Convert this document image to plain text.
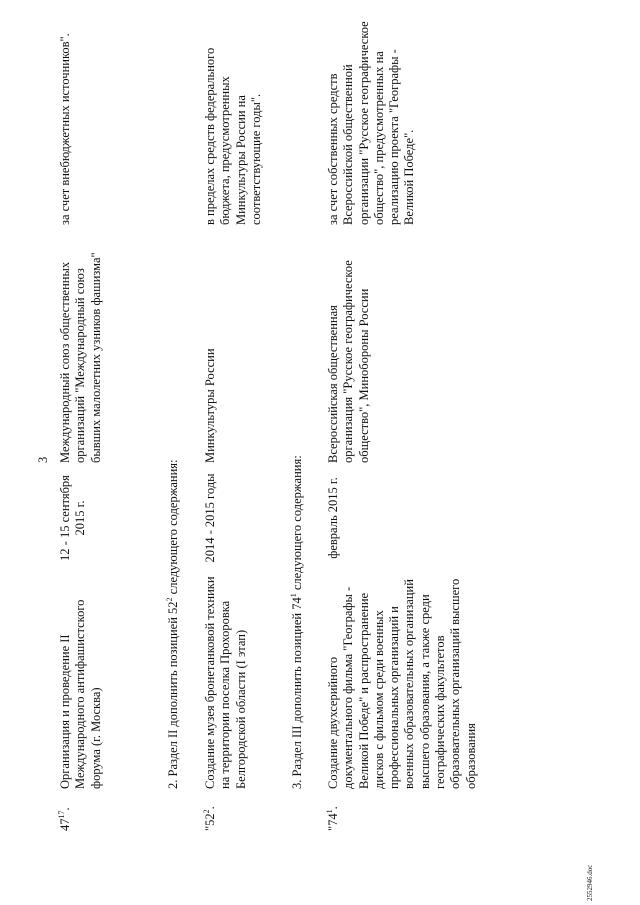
3
$47^{17}$.
Организация и проведение II Международного антифашистского форума (г. Москва)
12 - 15 сентября 2015 г.
Международный союз общественных организаций "Международный союз бывших малолетних узников фашизма"
за счет внебюджетных источников".
2. Раздел II дополнить позицией $52^2$ следующего содержания:
"$52^2$.
Создание музея бронетанковой техники на территории поселка Прохоровка Белгородской области (I этап)
2014 - 2015 годы
Минкультуры России
в пределах средств федерального бюджета, предусмотренных Минкультуры России на соответствующие годы".
3. Раздел III дополнить позицией $74^1$ следующего содержания:
"$74^1$.
Создание двухсерийного документального фильма "Географы - Великой Победе" и распространение дисков с фильмом среди военных профессиональных организаций и военных образовательных организаций высшего образования, а также среди географических факультетов образовательных организаций высшего образования
февраль 2015 г.
Всероссийская общественная организация "Русское географическое общество", Минобороны России
за счет собственных средств Всероссийской общественной организации "Русское географическое общество", предусмотренных на реализацию проекта "Географы - Великой Победе".
2552946.doc
